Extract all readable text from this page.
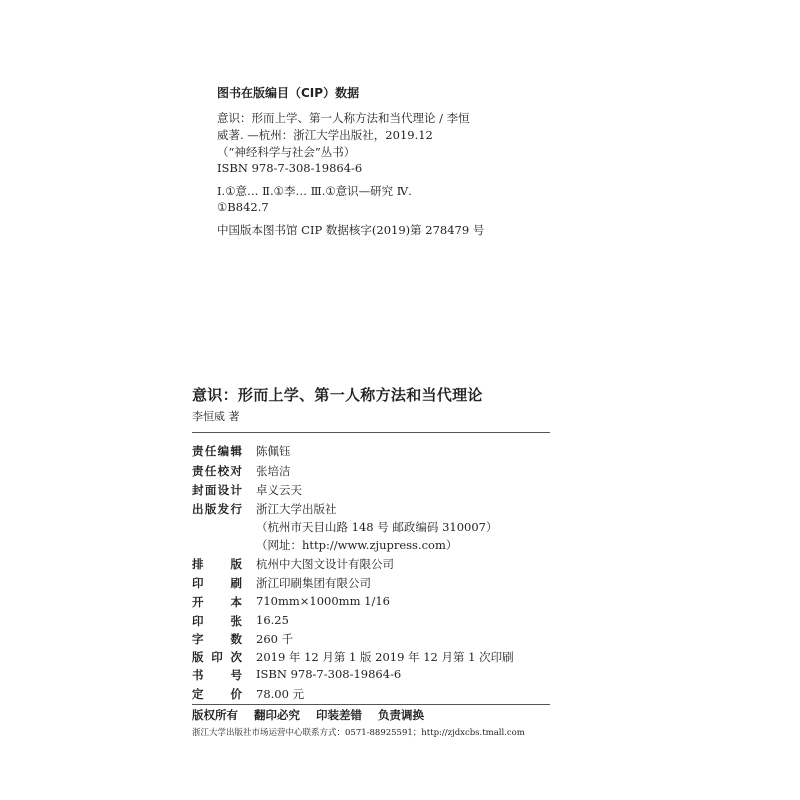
图书在版编目（CIP）数据
意识：形而上学、第一人称方法和当代理论 / 李恒
威著. —杭州：浙江大学出版社，2019.12
（“神经科学与社会”丛书）
ISBN 978-7-308-19864-6
Ⅰ.①意… Ⅱ.①李… Ⅲ.①意识—研究 Ⅳ.
①B842.7
中国版本图书馆 CIP 数据核字(2019)第 278479 号
意识：形而上学、第一人称方法和当代理论
李恒威 著
责任编辑 陈佩钰
责任校对 张培洁
封面设计 卓义云天
出版发行 浙江大学出版社
（杭州市天目山路 148 号 邮政编码 310007）
（网址：http://www.zjupress.com）
排版 杭州中大图文设计有限公司
印刷 浙江印刷集团有限公司
开本 710mm×1000mm 1/16
印张 16.25
字数 260 千
版印次 2019 年 12 月第 1 版 2019 年 12 月第 1 次印刷
书号 ISBN 978-7-308-19864-6
定价 78.00 元
版权所有 翻印必究 印装差错 负责调换
浙江大学出版社市场运营中心联系方式：0571-88925591；http://zjdxcbs.tmall.com
